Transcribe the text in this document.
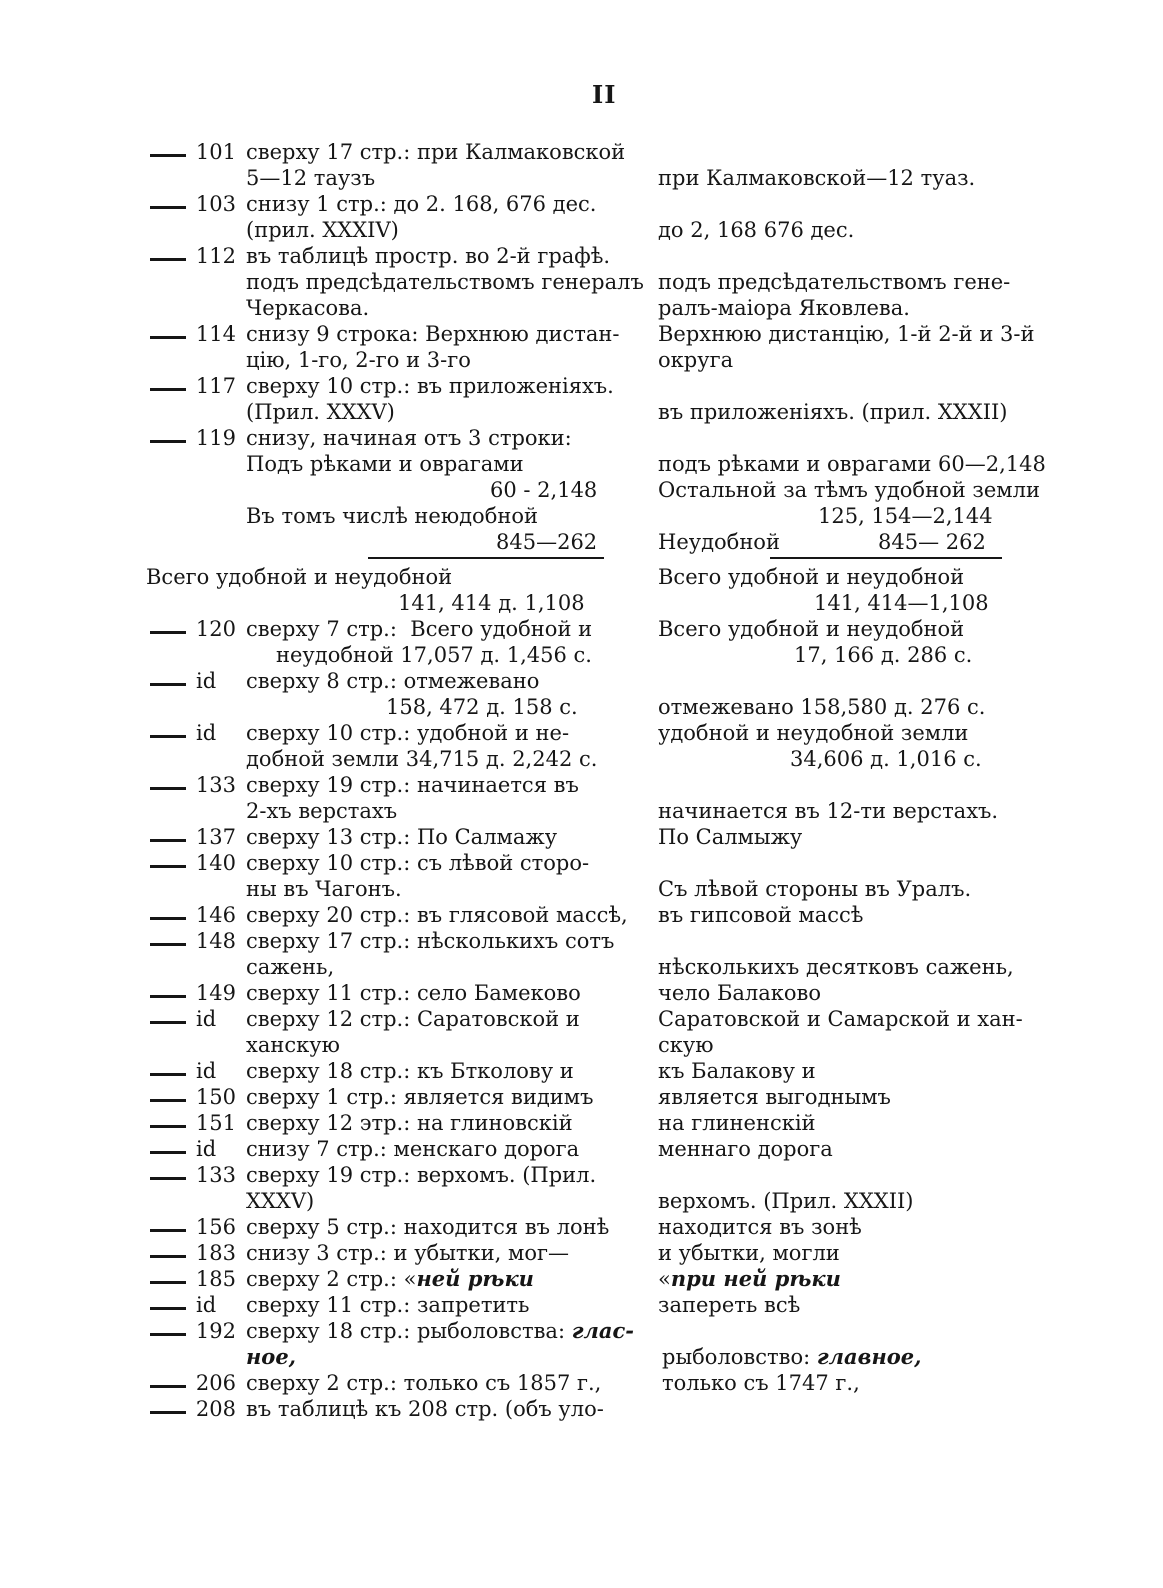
II
101 сверху 17 стр.: при Калмаковской
5—12 таузъ
103 снизу 1 стр.: до 2. 168, 676 дес.
(прил. XXXIV)
112 въ таблицѣ простр. во 2-й графѣ.
подъ предсѣдательствомъ генералъ
Черкасова.
114 снизу 9 строка: Верхнюю дистан-
цію, 1-го, 2-го и 3-го
117 сверху 10 стр.: въ приложеніяхъ.
(Прил. XXXV)
119 снизу, начиная отъ 3 строки:
Подъ рѣками и оврагами
60 - 2,148
Въ томъ числѣ неюдобной
845—262
Всего удобной и неудобной
141, 414 д. 1,108
120 сверху 7 стр.:  Всего удобной и
неудобной 17,057 д. 1,456 с.
id сверху 8 стр.: отмежевано
158, 472 д. 158 с.
id сверху 10 стр.: удобной и не-
добной земли 34,715 д. 2,242 с.
133 сверху 19 стр.: начинается въ
2-хъ верстахъ
137 сверху 13 стр.: По Салмажу
140 сверху 10 стр.: съ лѣвой сторо-
ны въ Чагонъ.
146 сверху 20 стр.: въ глясовой массѣ,
148 сверху 17 стр.: нѣсколькихъ сотъ
сажень,
149 сверху 11 стр.: село Бамеково
id сверху 12 стр.: Саратовской и
ханскую
id сверху 18 стр.: къ Бтколову и
150 сверху 1 стр.: является видимъ
151 сверху 12 этр.: на глиновскій
id снизу 7 стр.: менскаго дорога
133 сверху 19 стр.: верхомъ. (Прил.
XXXV)
156 сверху 5 стр.: находится въ лонѣ
183 снизу 3 стр.: и убытки, мог—
185 сверху 2 стр.: «ней рѣки
id сверху 11 стр.: запретить
192 сверху 18 стр.: рыболовства: глас-
ное,
206 сверху 2 стр.: только съ 1857 г.,
208 въ таблицѣ къ 208 стр. (объ уло-
при Калмаковской—12 туаз.
до 2, 168 676 дес.
подъ предсѣдательствомъ гене-
ралъ-маіора Яковлева.
Верхнюю дистанцію, 1-й 2-й и 3-й
округа
въ приложеніяхъ. (прил. XXXII)
подъ рѣками и оврагами 60—2,148
Остальной за тѣмъ удобной земли
125, 154—2,144
Неудобной	845— 262
Всего удобной и неудобной
141, 414—1,108
Всего удобной и неудобной
17, 166 д. 286 с.
отмежевано 158,580 д. 276 с.
удобной и неудобной земли
34,606 д. 1,016 с.
начинается въ 12-ти верстахъ.
По Салмыжу
Съ лѣвой стороны въ Уралъ.
въ гипсовой массѣ
нѣсколькихъ десятковъ сажень,
чело Балаково
Саратовской и Самарской и хан-
скую
къ Балакову и
является выгоднымъ
на глиненскій
меннаго дорога
верхомъ. (Прил. XXXII)
находится въ зонѣ
и убытки, могли
«при ней рѣки
запереть всѣ
рыболовство: главное,
только съ 1747 г.,
